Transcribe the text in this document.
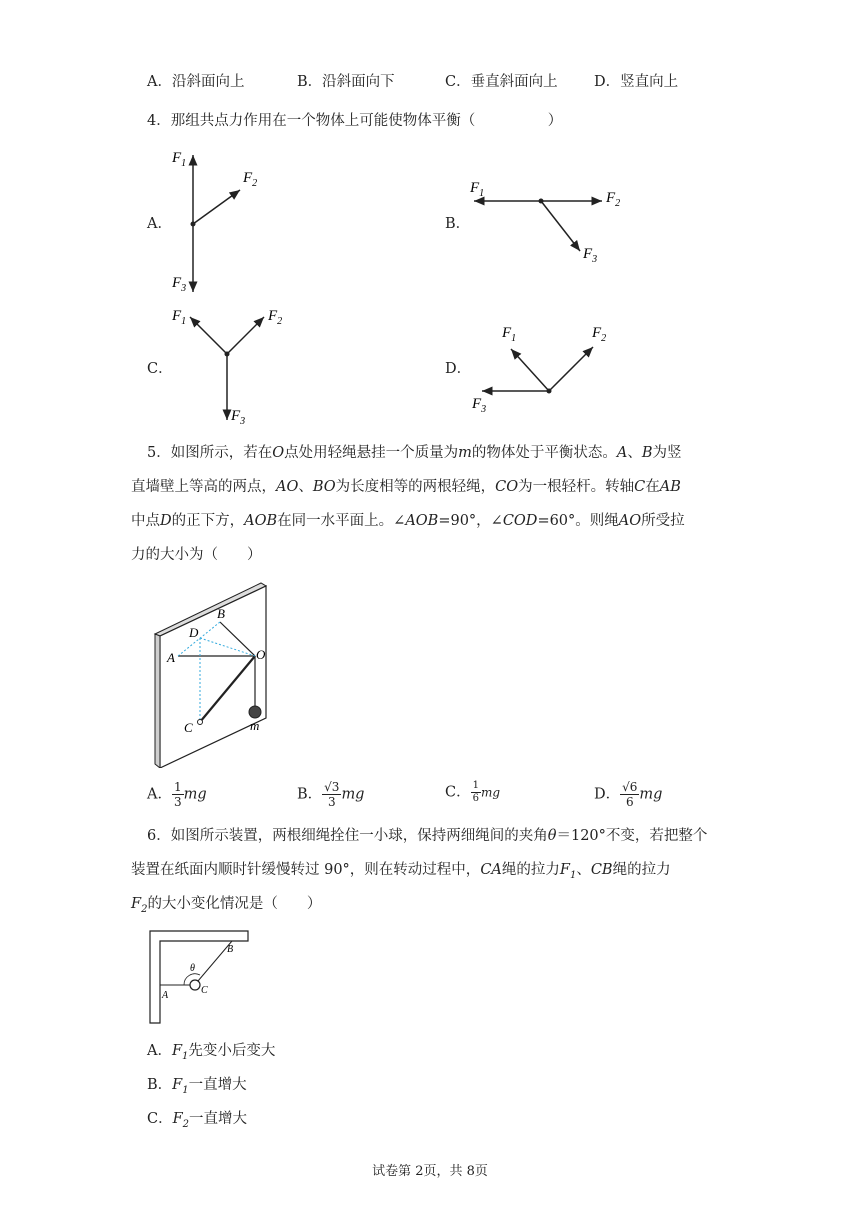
A．沿斜面向上	B．沿斜面向下	C．垂直斜面向上	D．竖直向上
4．那组共点力作用在一个物体上可能使物体平衡（　　　　　）
A．	B．
C．	D．
$F_1$
$F_2$
$F_3$
$F_1$	$F_2$
$F_3$
$F_1$	$F_2$
$F_3$
$F_1$	$F_2$
$F_3$
5．如图所示，若在O点处用轻绳悬挂一个质量为m的物体处于平衡状态。A、B为竖
直墙壁上等高的两点，AO、BO为长度相等的两根轻绳，CO为一根轻杆。转轴C在AB
中点D的正下方，AOB在同一水平面上。∠AOB=90°，∠COD=60°。则绳AO所受拉
力的大小为（　　）
A
B
D
O
C	m
A． $\frac{1}{3}$ mg	B． $\frac{√3}{3}$ mg	C． $\frac{1}{6}$ mg	D． $\frac{√6}{6}$ mg
6．如图所示装置，两根细绳拴住一小球，保持两细绳间的夹角θ＝120°不变，若把整个
装置在纸面内顺时针缓慢转过 90°，则在转动过程中，CA绳的拉力$F_1$、CB绳的拉力
$F_2$的大小变化情况是（　　）
θ
A
B
C
A．$F_1$先变小后变大
B．$F_1$一直增大
C．$F_2$一直增大
试卷第 2页，共 8页
